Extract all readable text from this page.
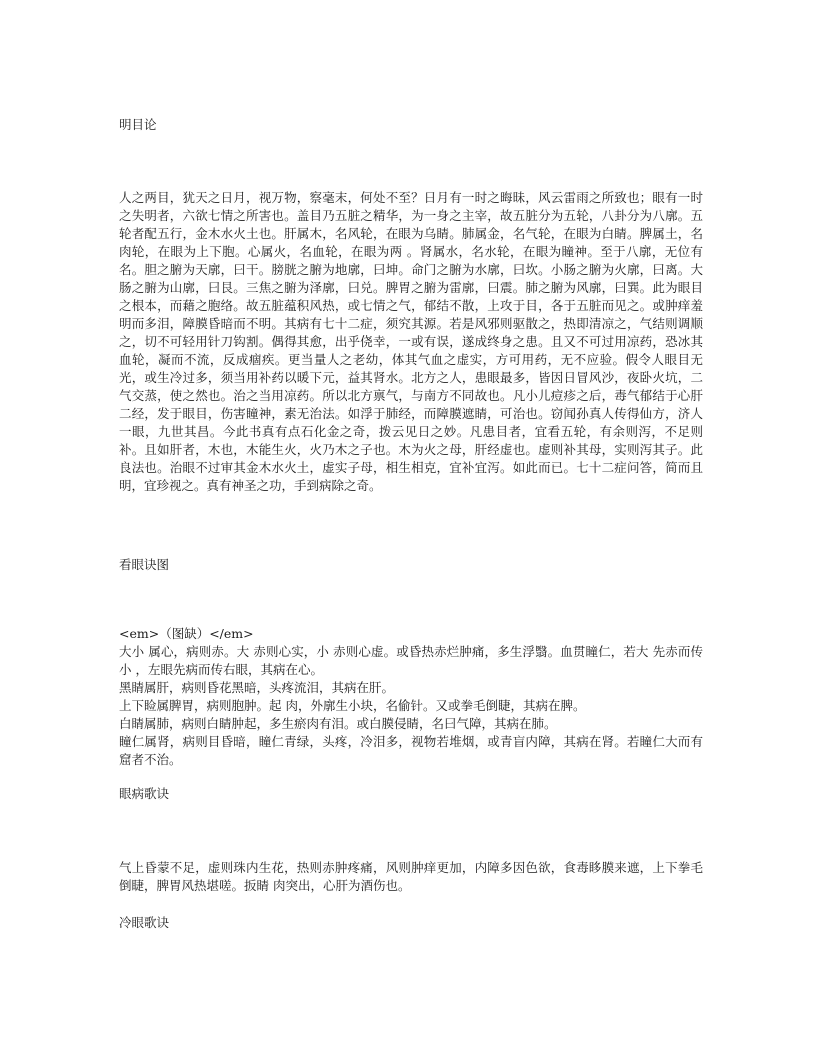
明目论

人之两目，犹天之日月，视万物，察毫末，何处不至？日月有一时之晦昧，风云雷雨之所致也；眼有一时之失明者，六欲七情之所害也。盖目乃五脏之精华，为一身之主宰，故五脏分为五轮，八卦分为八廓。五轮者配五行，金木水火土也。肝属木，名风轮，在眼为乌睛。肺属金，名气轮，在眼为白睛。脾属土，名肉轮，在眼为上下胞。心属火，名血轮，在眼为两 。肾属水，名水轮，在眼为瞳神。至于八廓，无位有名。胆之腑为天廓，曰干。膀胱之腑为地廓，曰坤。命门之腑为水廓，曰坎。小肠之腑为火廓，曰离。大肠之腑为山廓，曰艮。三焦之腑为泽廓，曰兑。脾胃之腑为雷廓，曰震。肺之腑为风廓，曰巽。此为眼目之根本，而藉之胞络。故五脏蕴积风热，或七情之气，郁结不散，上攻于目，各于五脏而见之。或肿痒羞明而多泪，障膜昏暗而不明。其病有七十二症，须究其源。若是风邪则驱散之，热即清凉之，气结则调顺之，切不可轻用针刀钩割。偶得其愈，出乎侥幸，一或有误，遂成终身之患。且又不可过用凉药，恐冰其血轮，凝而不流，反成痼疾。更当量人之老幼，体其气血之虚实，方可用药，无不应验。假令人眼目无光，或生冷过多，须当用补药以暖下元，益其肾水。北方之人，患眼最多，皆因日冒风沙，夜卧火坑，二气交蒸，使之然也。治之当用凉药。所以北方禀气，与南方不同故也。凡小儿痘疹之后，毒气郁结于心肝二经，发于眼目，伤害瞳神，素无治法。如浮于肺经，而障膜遮睛，可治也。窃闻孙真人传得仙方，济人一眼，九世其昌。今此书真有点石化金之奇，拨云见日之妙。凡患目者，宜看五轮，有余则泻，不足则补。且如肝者，木也，木能生火，火乃木之子也。木为火之母，肝经虚也。虚则补其母，实则泻其子。此良法也。治眼不过审其金木水火土，虚实子母，相生相克，宜补宜泻。如此而已。七十二症问答，简而且明，宜珍视之。真有神圣之功，手到病除之奇。

看眼诀图
<em>（图缺）</em>
大小 属心，病则赤。大 赤则心实，小 赤则心虚。或昏热赤烂肿痛，多生浮翳。血贯瞳仁，若大 先赤而传小 ，左眼先病而传右眼，其病在心。
黑睛属肝，病则昏花黑暗，头疼流泪，其病在肝。
上下睑属脾胃，病则胞肿。起 肉，外廓生小块，名偷针。又或拳毛倒睫，其病在脾。
白睛属肺，病则白睛肿起，多生瘀肉有泪。或白膜侵睛，名曰气障，其病在肺。
瞳仁属肾，病则目昏暗，瞳仁青绿，头疼，冷泪多，视物若堆烟，或青盲内障，其病在肾。若瞳仁大而有窟者不治。
眼病歌诀

气上昏蒙不足，虚则珠内生花，热则赤肿疼痛，风则肿痒更加，内障多因色欲，食毒眵膜来遮，上下拳毛倒睫，脾胃风热堪嗟。扳睛 肉突出，心肝为酒伤也。

冷眼歌诀
